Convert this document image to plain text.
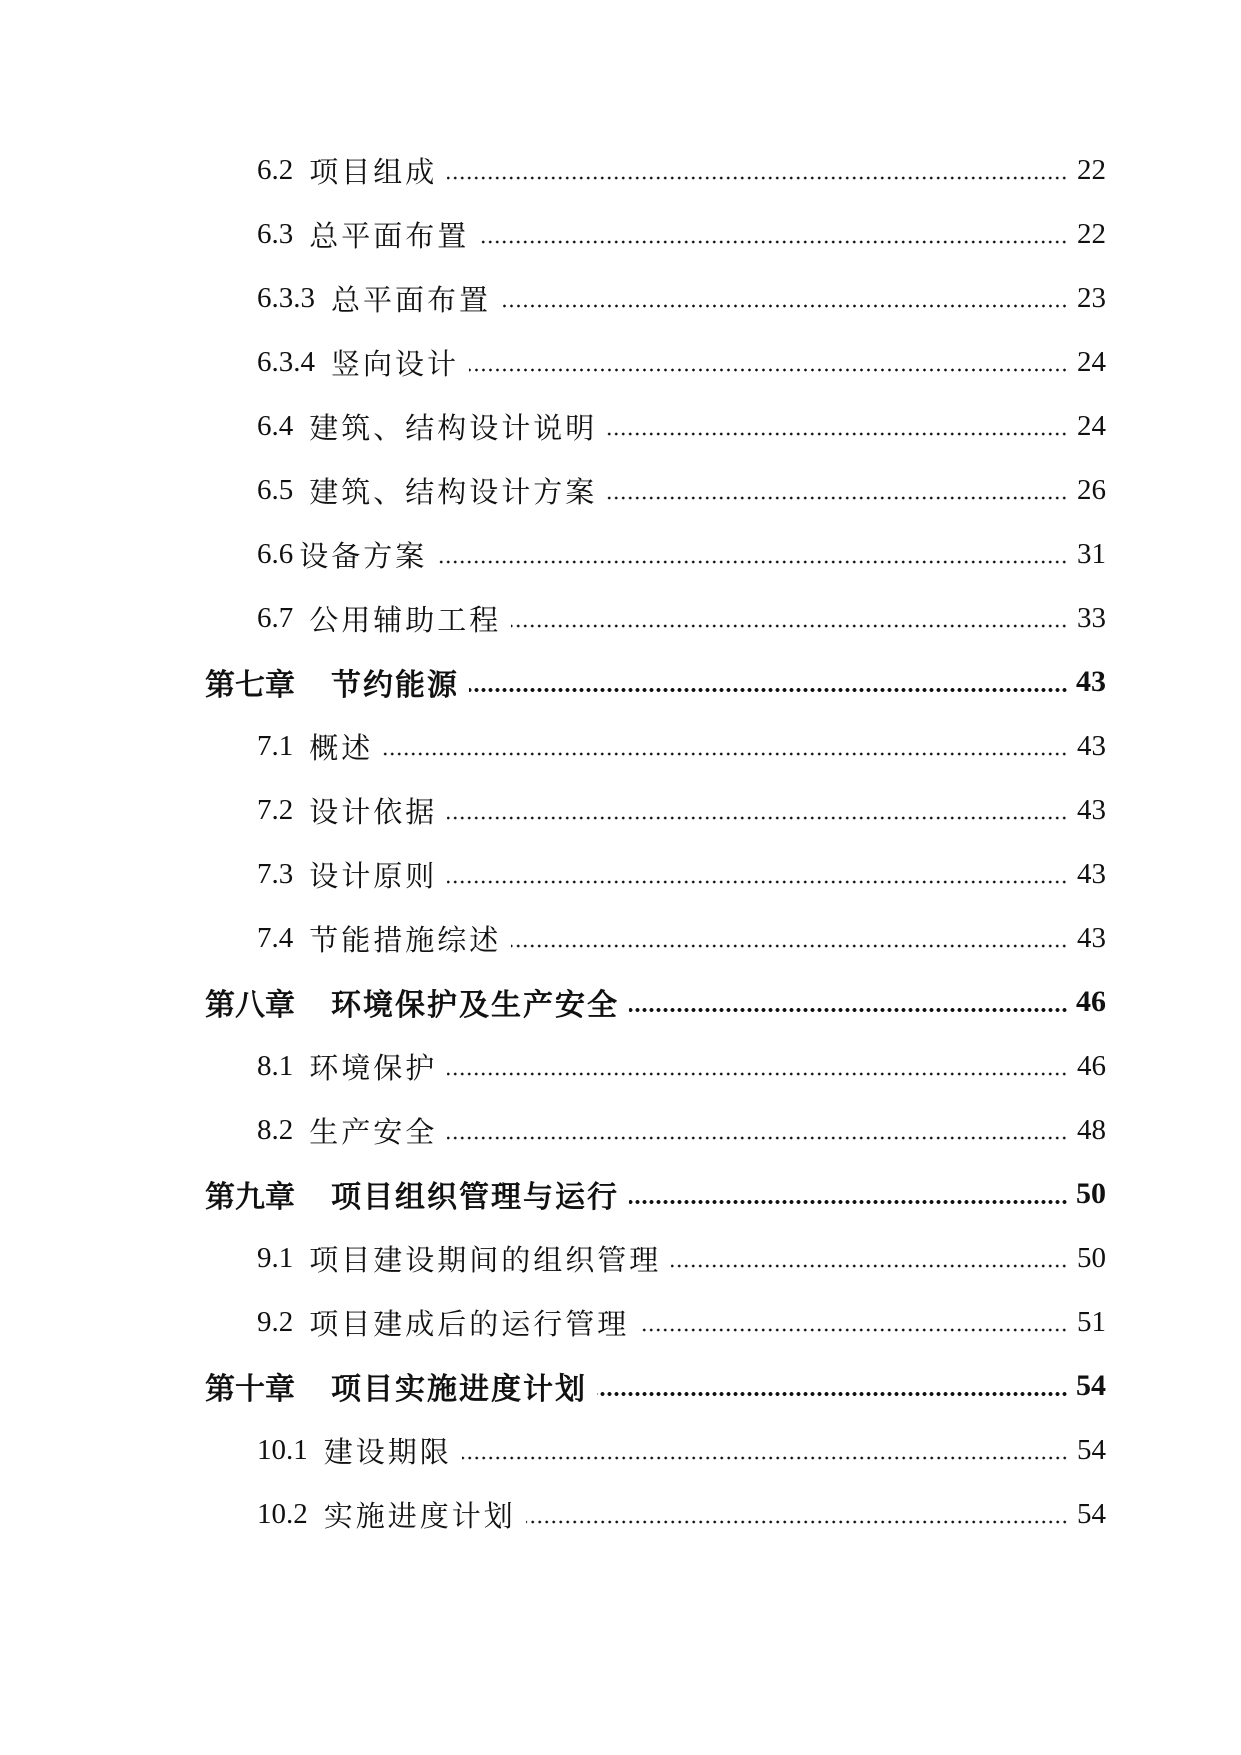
6.2 项目组成	22
6.3 总平面布置	22
6.3.3 总平面布置	23
6.3.4 竖向设计	24
6.4 建筑、结构设计说明	24
6.5 建筑、结构设计方案	26
6.6 设备方案	31
6.7 公用辅助工程	33
第七章 节约能源	43
7.1 概述	43
7.2 设计依据	43
7.3 设计原则	43
7.4 节能措施综述	43
第八章 环境保护及生产安全	46
8.1 环境保护	46
8.2 生产安全	48
第九章 项目组织管理与运行	50
9.1 项目建设期间的组织管理	50
9.2 项目建成后的运行管理	51
第十章 项目实施进度计划	54
10.1 建设期限	54
10.2 实施进度计划	54
